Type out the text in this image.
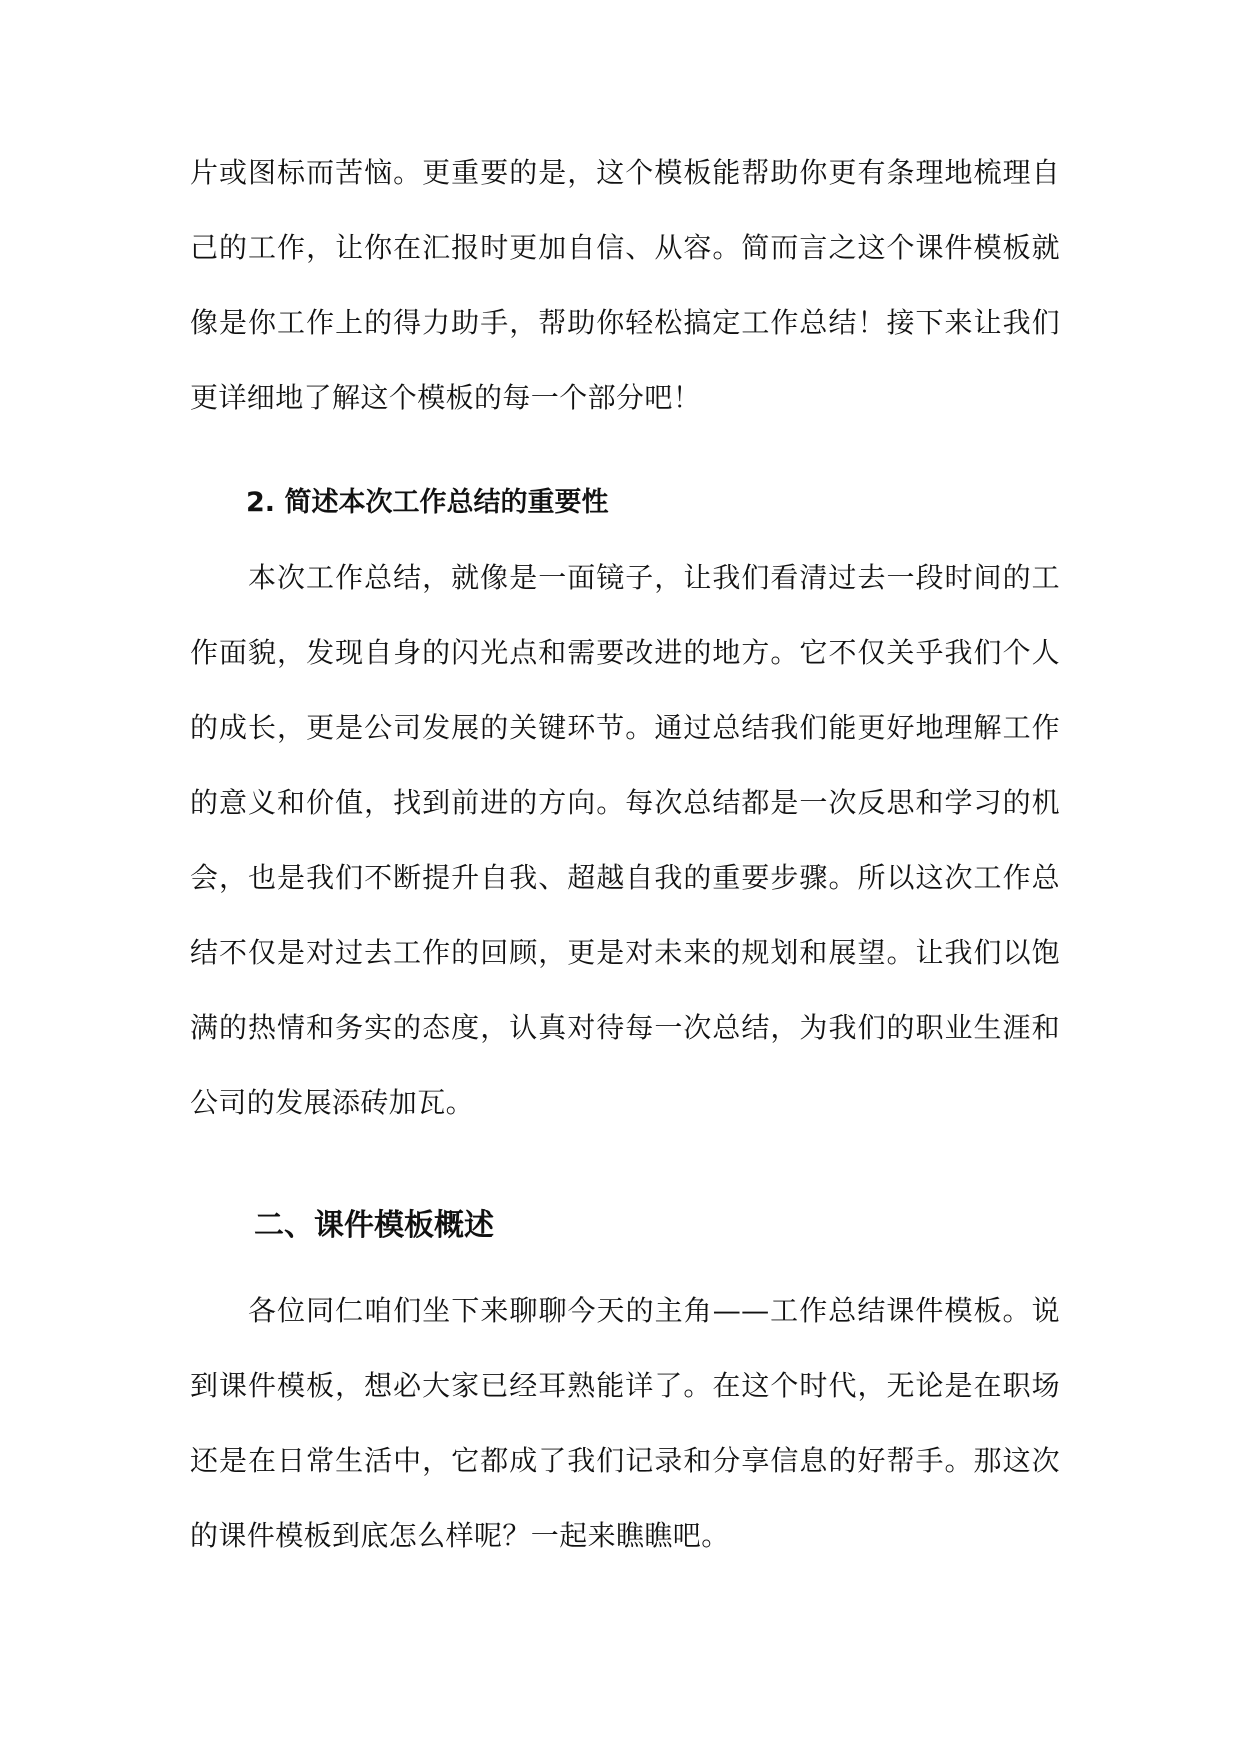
片或图标而苦恼。更重要的是，这个模板能帮助你更有条理地梳理自己的工作，让你在汇报时更加自信、从容。简而言之这个课件模板就像是你工作上的得力助手，帮助你轻松搞定工作总结！接下来让我们更详细地了解这个模板的每一个部分吧！

2. 简述本次工作总结的重要性

本次工作总结，就像是一面镜子，让我们看清过去一段时间的工作面貌，发现自身的闪光点和需要改进的地方。它不仅关乎我们个人的成长，更是公司发展的关键环节。通过总结我们能更好地理解工作的意义和价值，找到前进的方向。每次总结都是一次反思和学习的机会，也是我们不断提升自我、超越自我的重要步骤。所以这次工作总结不仅是对过去工作的回顾，更是对未来的规划和展望。让我们以饱满的热情和务实的态度，认真对待每一次总结，为我们的职业生涯和公司的发展添砖加瓦。

二、课件模板概述

各位同仁咱们坐下来聊聊今天的主角——工作总结课件模板。说到课件模板，想必大家已经耳熟能详了。在这个时代，无论是在职场还是在日常生活中，它都成了我们记录和分享信息的好帮手。那这次的课件模板到底怎么样呢？一起来瞧瞧吧。
